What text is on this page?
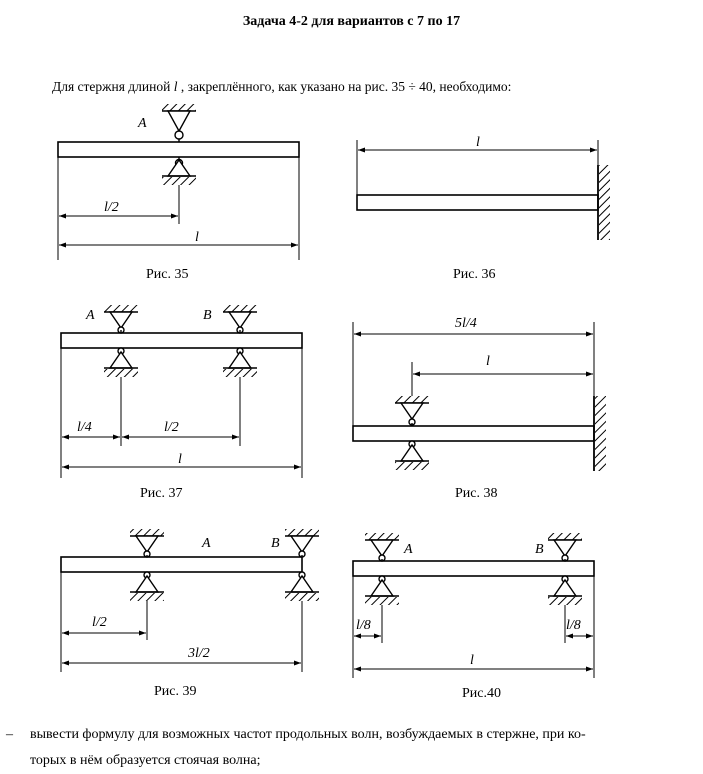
Задача 4-2 для вариантов с 7 по 17
Для стержня длиной l , закреплённого, как указано на рис. 35 ÷ 40, необходимо:
A
l/2
l
Рис. 35
l
Рис. 36
A	B
l/4	l/2
l
Рис. 37
5l/4
l
Рис. 38
A	B
l/2
3l/2
Рис. 39
A	B
l/8	l/8
l
Рис.40
– вывести формулу для возможных частот продольных волн, возбуждаемых в стержне, при ко-
торых в нём образуется стоячая волна;
